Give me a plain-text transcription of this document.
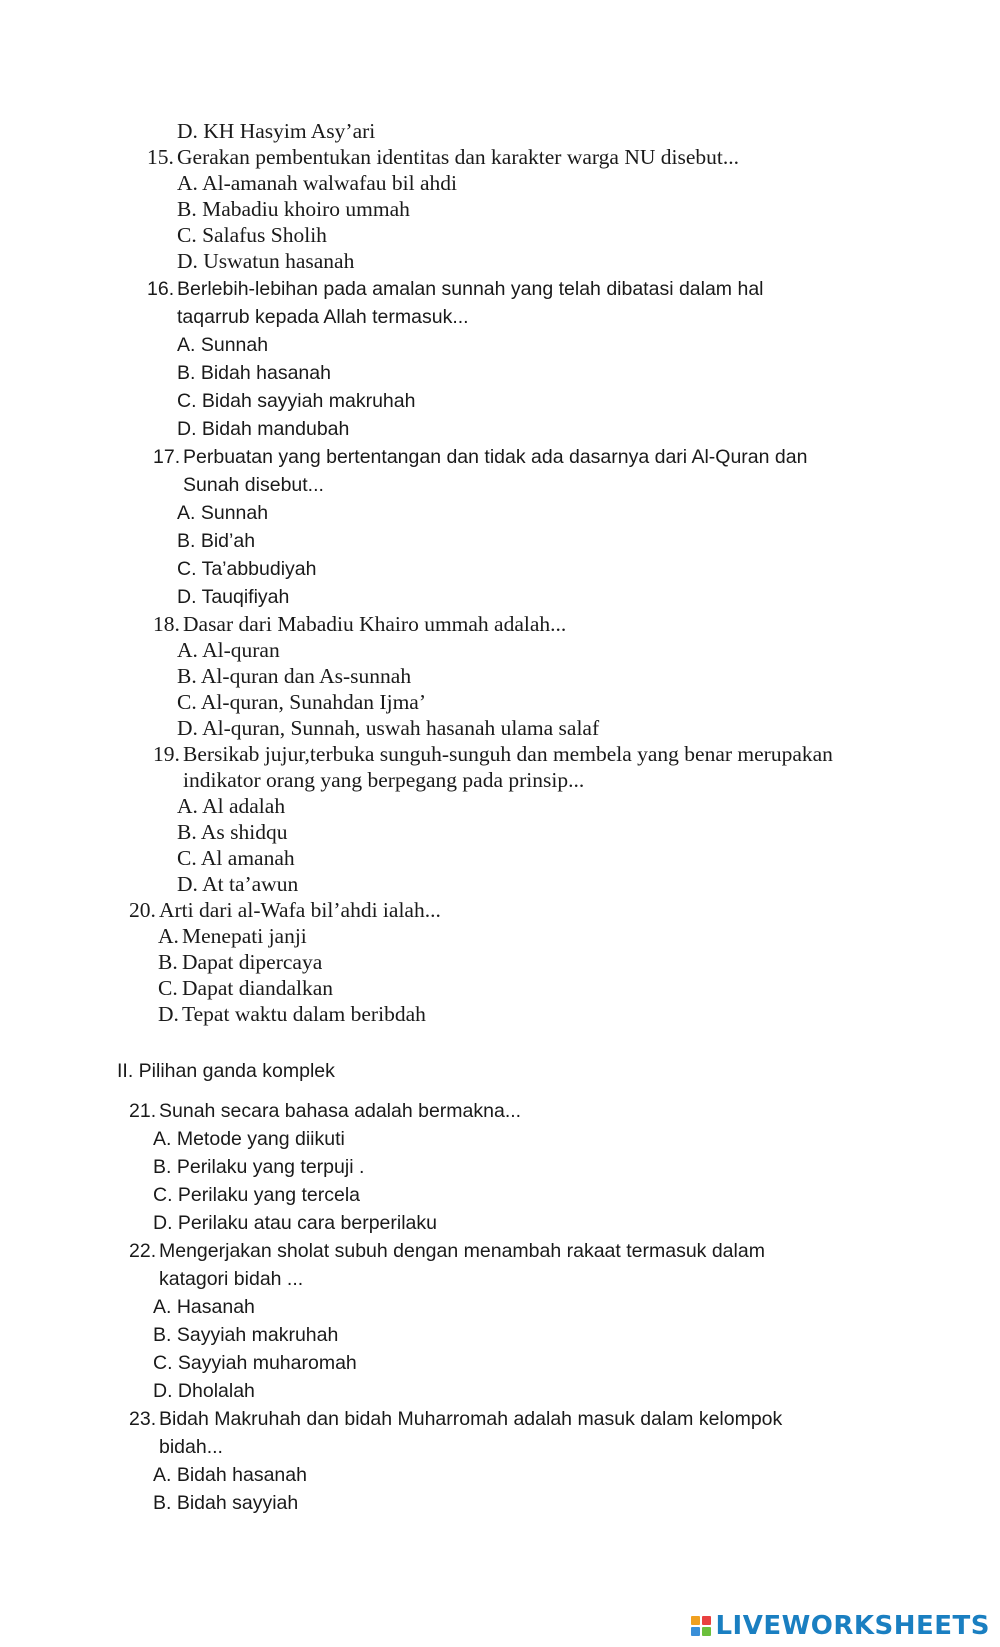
D. KH Hasyim Asy’ari
15. Gerakan pembentukan identitas dan karakter warga NU disebut...
A. Al-amanah walwafau bil ahdi
B. Mabadiu khoiro ummah
C. Salafus Sholih
D. Uswatun hasanah
16. Berlebih-lebihan pada amalan sunnah yang telah dibatasi dalam hal
taqarrub kepada Allah termasuk...
A. Sunnah
B. Bidah hasanah
C. Bidah sayyiah makruhah
D. Bidah mandubah
17. Perbuatan yang bertentangan dan tidak ada dasarnya dari Al-Quran dan
Sunah disebut...
A. Sunnah
B. Bid’ah
C. Ta’abbudiyah
D. Tauqifiyah
18. Dasar dari Mabadiu Khairo ummah adalah...
A. Al-quran
B. Al-quran dan As-sunnah
C. Al-quran, Sunahdan Ijma’
D. Al-quran, Sunnah, uswah hasanah ulama salaf
19. Bersikab jujur,terbuka sunguh-sunguh dan membela yang benar merupakan
indikator orang yang berpegang pada prinsip...
A. Al adalah
B. As shidqu
C. Al amanah
D. At ta’awun
20. Arti dari al-Wafa bil’ahdi ialah...
A. Menepati janji
B. Dapat dipercaya
C. Dapat diandalkan
D. Tepat waktu dalam beribdah
II. Pilihan ganda komplek
21. Sunah secara bahasa adalah bermakna...
A. Metode yang diikuti
B. Perilaku yang terpuji .
C. Perilaku yang tercela
D. Perilaku atau cara berperilaku
22. Mengerjakan sholat subuh dengan menambah rakaat termasuk dalam
katagori bidah ...
A. Hasanah
B. Sayyiah makruhah
C. Sayyiah muharomah
D. Dholalah
23. Bidah Makruhah dan bidah Muharromah adalah masuk dalam kelompok
bidah...
A. Bidah hasanah
B. Bidah sayyiah
LIVEWORKSHEETS
